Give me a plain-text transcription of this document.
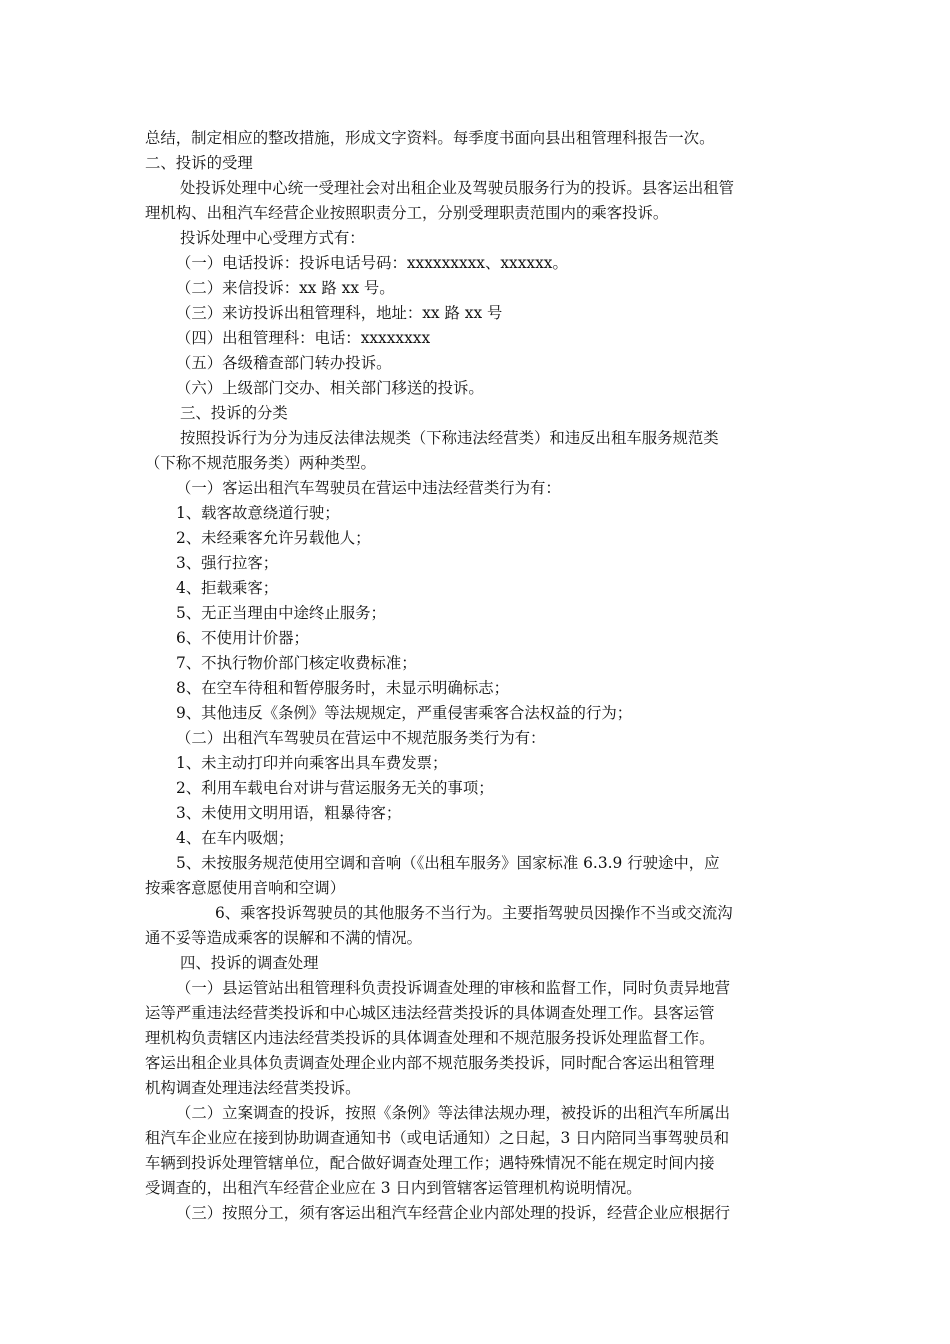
总结，制定相应的整改措施，形成文字资料。每季度书面向县出租管理科报告一次。
二、投诉的受理
处投诉处理中心统一受理社会对出租企业及驾驶员服务行为的投诉。县客运出租管
理机构、出租汽车经营企业按照职责分工，分别受理职责范围内的乘客投诉。
投诉处理中心受理方式有：
（一）电话投诉：投诉电话号码：xxxxxxxxx、xxxxxx。
（二）来信投诉：xx 路 xx 号。
（三）来访投诉出租管理科，地址：xx 路 xx 号
（四）出租管理科：电话：xxxxxxxx
（五）各级稽查部门转办投诉。
（六）上级部门交办、相关部门移送的投诉。
三、投诉的分类
按照投诉行为分为违反法律法规类（下称违法经营类）和违反出租车服务规范类
（下称不规范服务类）两种类型。
（一）客运出租汽车驾驶员在营运中违法经营类行为有：
1、载客故意绕道行驶；
2、未经乘客允许另载他人；
3、强行拉客；
4、拒载乘客；
5、无正当理由中途终止服务；
6、不使用计价器；
7、不执行物价部门核定收费标准；
8、在空车待租和暂停服务时，未显示明确标志；
9、其他违反《条例》等法规规定，严重侵害乘客合法权益的行为；
（二）出租汽车驾驶员在营运中不规范服务类行为有：
1、未主动打印并向乘客出具车费发票；
2、利用车载电台对讲与营运服务无关的事项；
3、未使用文明用语，粗暴待客；
4、在车内吸烟；
5、未按服务规范使用空调和音响（《出租车服务》国家标准 6.3.9 行驶途中，应
按乘客意愿使用音响和空调）
6、乘客投诉驾驶员的其他服务不当行为。主要指驾驶员因操作不当或交流沟
通不妥等造成乘客的误解和不满的情况。
四、投诉的调查处理
（一）县运管站出租管理科负责投诉调查处理的审核和监督工作，同时负责异地营
运等严重违法经营类投诉和中心城区违法经营类投诉的具体调查处理工作。县客运管
理机构负责辖区内违法经营类投诉的具体调查处理和不规范服务投诉处理监督工作。
客运出租企业具体负责调查处理企业内部不规范服务类投诉，同时配合客运出租管理
机构调查处理违法经营类投诉。
（二）立案调查的投诉，按照《条例》等法律法规办理，被投诉的出租汽车所属出
租汽车企业应在接到协助调查通知书（或电话通知）之日起，3 日内陪同当事驾驶员和
车辆到投诉处理管辖单位，配合做好调查处理工作；遇特殊情况不能在规定时间内接
受调查的，出租汽车经营企业应在 3 日内到管辖客运管理机构说明情况。
（三）按照分工，须有客运出租汽车经营企业内部处理的投诉，经营企业应根据行
